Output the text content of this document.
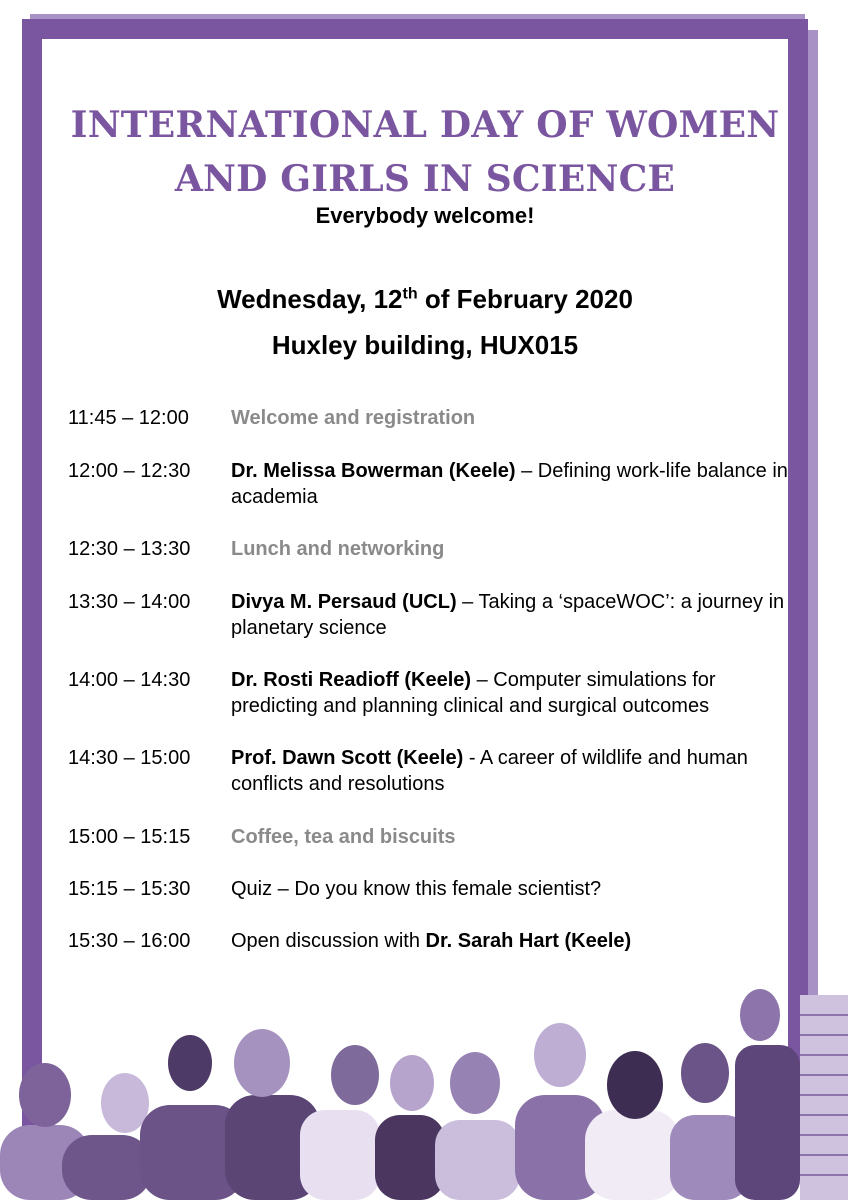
INTERNATIONAL DAY OF WOMEN
AND GIRLS IN SCIENCE
Everybody welcome!
Wednesday, 12th of February 2020
Huxley building, HUX015
11:45 – 12:00	Welcome and registration
12:00 – 12:30	Dr. Melissa Bowerman (Keele) – Defining work-life balance in academia
12:30 – 13:30	Lunch and networking
13:30 – 14:00	Divya M. Persaud (UCL) – Taking a ‘spaceWOC’: a journey in planetary science
14:00 – 14:30	Dr. Rosti Readioff (Keele) – Computer simulations for predicting and planning clinical and surgical outcomes
14:30 – 15:00	Prof. Dawn Scott (Keele) - A career of wildlife and human conflicts and resolutions
15:00 – 15:15	Coffee, tea and biscuits
15:15 – 15:30	Quiz – Do you know this female scientist?
15:30 – 16:00	Open discussion with Dr. Sarah Hart (Keele)
